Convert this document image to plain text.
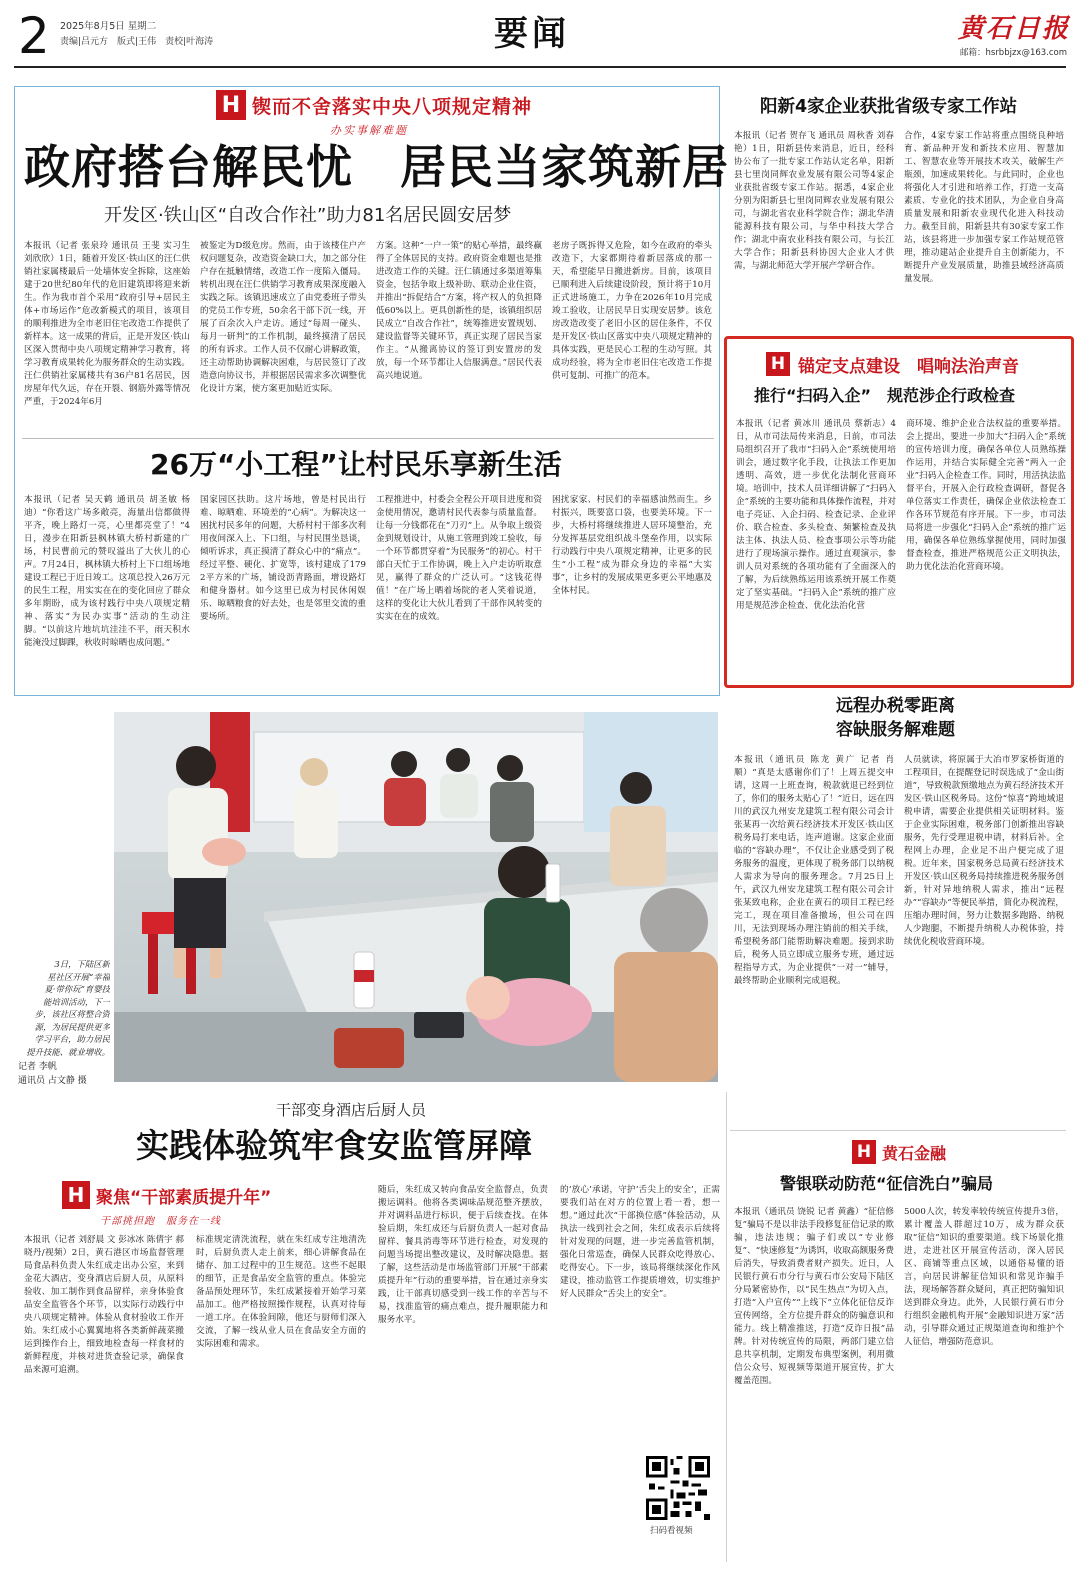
2 2025年8月5日 星期二
责编|吕元方　版式|王伟　责校|叶海涛	要闻	黄石日报
邮箱：hsrbbjzx@163.com
H 锲而不舍落实中央八项规定精神
办实事解难题
政府搭台解民忧　居民当家筑新居
开发区·铁山区“自改合作社”助力81名居民圆安居梦
本报讯（记者 张泉玲 通讯员 王斐 实习生 刘欣欣）1日，随着开发区·铁山区的汪仁供销社家属楼最后一处墙体安全拆除，这座始建于20世纪80年代的危旧建筑即将迎来新生。作为我市首个采用“政府引导+居民主体+市场运作”危改新模式的项目，该项目的顺利推进为全市老旧住宅改造工作提供了新样本。这一成果的背后，正是开发区·铁山区深入贯彻中央八项规定精神学习教育，将学习教育成果转化为服务群众的生动实践。汪仁供销社家属楼共有36户81名居民，因房屋年代久远，存在开裂、钢筋外露等情况严重，于2024年6月
被鉴定为D级危房。然而，由于该楼住户产权问题复杂，改造资金缺口大，加之部分住户存在抵触情绪，改造工作一度陷入僵局。转机出现在汪仁供销学习教育成果深度融入实践之际。该镇迅速成立了由党委班子带头的党员工作专班，50余名干部下沉一线，开展了百余次入户走访。通过“每周一碰头、每月一研判”的工作机制，最终摸清了居民的所有诉求。工作人员不仅耐心讲解政策，还主动帮助协调解决困难，与居民签订了改造意向协议书，并根据居民需求多次调整优化设计方案，使方案更加贴近实际。
方案。这种“一户一策”的贴心举措，最终赢得了全体居民的支持。政府资金难题也是推进改造工作的关键。汪仁镇通过多渠道筹集资金，包括争取上级补助、联动企业住资，并推出“拆促结合”方案，将产权人的负担降低60%以上。更具创新性的是，该镇组织居民成立“自改合作社”，统筹推进安置规划、建设监督等关键环节，真正实现了居民当家作主。“从搬离协议的签订到安置房的发放，每一个环节都让人信服满意。”居民代表高兴地说道。
老房子既拆得又危险，如今在政府的牵头改造下，大家都期待着新居落成的那一天，希望能早日搬进新房。目前，该项目已顺利进入后续建设阶段，预计将于10月正式进场施工，力争在2026年10月完成竣工验收，让居民早日实现安居梦。该危房改造改变了老旧小区的居住条件，不仅是开发区·铁山区落实中央八项规定精神的具体实践，更是民心工程的生动写照。其成功经验，将为全市老旧住宅改造工作提供可复制、可推广的范本。
26万“小工程”让村民乐享新生活
本报讯（记者 吴天鹤 通讯员 胡圣敏 杨迪）“你看这广场多敞亮，海量出信都做得平齐，晚上路灯一亮，心里都亮堂了！”4日，漫步在阳新县枫林镇大桥村新建的广场，村民曹前元的赞叹溢出了大伙儿的心声。7月24日，枫林镇大桥村上下口组场地建设工程已于近日竣工。这项总投入26万元的民生工程，用实实在在的变化回应了群众多年期盼，成为该村践行中央八项规定精神、落实“为民办实事”活动的生动注脚。“以前这片地坑坑洼洼不平，雨天积水能淹没过脚踝，秋收时晾晒也成问题。”
国家园区扶助。这片场地，曾是村民出行难、晾晒难、环境差的“心病”。为解决这一困扰村民多年的问题，大桥村村干部多次利用夜间深入上、下口组，与村民围坐恳谈，倾听诉求，真正摸清了群众心中的“痛点”。经过平整、硬化、扩宽等，该村建成了1792平方米的广场，铺设沥青路面，增设路灯和健身器材。如今这里已成为村民休闲娱乐、晾晒粮食的好去处，也是邻里交流的重要场所。
工程推进中，村委会全程公开项目进度和资金使用情况，邀请村民代表参与质量监督。让每一分钱都花在“刀刃”上。从争取上级资金到规划设计，从施工管理到竣工验收，每一个环节都贯穿着“为民服务”的初心。村干部白天忙于工作协调，晚上入户走访听取意见，赢得了群众的广泛认可。“这钱花得值！”在广场上晒着场院的老人笑着说道，这样的变化让大伙儿看到了干部作风转变的实实在在的成效。
困扰家家、村民们的幸福感油然而生。乡村振兴，既要富口袋，也要美环境。下一步，大桥村将继续推进人居环境整治，充分发挥基层党组织战斗堡垒作用，以实际行动践行中央八项规定精神，让更多的民生“小工程”成为群众身边的幸福“大实事”，让乡村的发展成果更多更公平地惠及全体村民。
阳新4家企业获批省级专家工作站
本报讯（记者 贺存飞 通讯员 周秋香 刘春艳）1日，阳新县传来消息，近日，经科协公布了一批专家工作站认定名单，阳新县七里岗同辉农业发展有限公司等4家企业获批省级专家工作站。据悉，4家企业分别为阳新县七里岗同辉农业发展有限公司，与湖北省农业科学院合作；湖北华清能源科技有限公司，与华中科技大学合作；湖北中南农业科技有限公司，与长江大学合作；阳新县科协因大企业人才供需，与湖北师范大学开展产学研合作。
合作，4家专家工作站将重点围绕良种培育、新品种开发和新技术应用、智慧加工、智慧农业等开展技术攻关，破解生产瓶颈，加速成果转化。与此同时，企业也将强化人才引进和培养工作，打造一支高素质、专业化的技术团队，为企业自身高质量发展和阳新农业现代化进入科技动力。截至目前，阳新县共有30家专家工作站，该县将进一步加强专家工作站规范管理，推动建站企业提升自主创新能力，不断提升产业发展质量，助推县域经济高质量发展。
H 锚定支点建设　唱响法治声音
推行“扫码入企”　规范涉企行政检查
本报讯（记者 黄冰川 通讯员 蔡新志）4日，从市司法局传来消息，日前，市司法局组织召开了我市“扫码入企”系统使用培训会，通过数字化手段，让执法工作更加透明、高效，进一步优化法制化营商环境。培训中，技术人员详细讲解了“扫码入企”系统的主要功能和具体操作流程，并对电子亮证、入企扫码、检查记录、企业评价、联合检查、多头检查、频繁检查及执法主体、执法人员、检查事项公示等功能进行了现场演示操作。通过直观演示，参训人员对系统的各项功能有了全面深入的了解，为后续熟练运用该系统开展工作奠定了坚实基础。“扫码入企”系统的推广应用是规范涉企检查、优化法治化营
商环境、维护企业合法权益的重要举措。会上提出，要进一步加大“扫码入企”系统的宣传培训力度，确保各单位人员熟练操作运用，并结合实际健全完善“两入一企业”扫码入企检查工作。同时，用活执法监督平台，开展入企行政检查调研，督促各单位落实工作责任，确保企业依法检查工作各环节规范有序开展。下一步，市司法局将进一步强化“扫码入企”系统的推广运用，确保各单位熟练掌握使用，同时加强督查检查，推进严格规范公正文明执法，助力优化法治化营商环境。
3日，下陆区新
星社区开展“幸福
夏·带你玩”育婴技
能培训活动，下一
步，该社区将整合资
源，为居民提供更多
学习平台，助力居民
提升技能、就业增收。
记者 李帆
通讯员 占文静 摄
远程办税零距离
容缺服务解难题
本报讯（通讯员 陈龙 黄广 记者 肖顺）“真是太感谢你们了！上周五提交申请，这周一上班查询，税款就退已经到位了，你们的服务太贴心了！”近日，远在四川的武汉九州安龙建筑工程有限公司会计张某再一次给黄石经济技术开发区·铁山区税务局打来电话，连声道谢。这家企业面临的“容缺办理”，不仅让企业感受到了税务服务的温度，更体现了税务部门以纳税人需求为导向的服务理念。7月25日上午，武汉九州安龙建筑工程有限公司会计张某致电称，企业在黄石的项目工程已经完工，现在项目准备撤场，但公司在四川，无法到现场办理注销前的相关手续，希望税务部门能帮助解决难题。接到求助后，税务人员立即成立服务专班，通过远程指导方式，为企业提供“一对一”辅导，最终帮助企业顺利完成退税。
人员就读，将原属于大冶市罗家桥街道的工程项目，在提醒登记时误选成了“金山街道”，导致税款预缴地点为黄石经济技术开发区·铁山区税务局。这份“惊喜”跨地域退税申请，需要企业提供相关证明材料。鉴于企业实际困难，税务部门创新推出容缺服务，先行受理退税申请，材料后补。全程网上办理，企业足不出户便完成了退税。近年来，国家税务总局黄石经济技术开发区·铁山区税务局持续推进税务服务创新，针对异地纳税人需求，推出“远程办”“容缺办”等便民举措，简化办税流程，压缩办理时间，努力让数据多跑路、纳税人少跑腿，不断提升纳税人办税体验，持续优化税收营商环境。
干部变身酒店后厨人员
实践体验筑牢食安监管屏障
H 聚焦“干部素质提升年”
干部挑担跑　服务在一线
本报讯（记者 刘舒晨 文 彭冰冰 陈倩宇 郝晓丹/视频）2日，黄石港区市场监督管理局食品科负责人朱红成走出办公室，来到金花大酒店，变身酒店后厨人员，从原料验收、加工制作到食品留样，亲身体验食品安全监管各个环节，以实际行动践行中央八项规定精神。体验从食材验收工作开始。朱红成小心翼翼地将各类新鲜蔬菜搬运到操作台上，细致地检查每一样食材的新鲜程度，并核对进货查验记录，确保食品来源可追溯。
标准规定清洗流程，就在朱红成专注地清洗时，后厨负责人走上前来，细心讲解食品在储存、加工过程中的卫生规范。这些不起眼的细节，正是食品安全监管的重点。体验完备品预处理环节，朱红成紧接着开始学习菜品加工。他严格按照操作规程，认真对待每一道工序。在体验间隙，他还与厨师们深入交流，了解一线从业人员在食品安全方面的实际困难和需求。
随后，朱红成又转向食品安全监督点，负责搬运调料。他将各类调味品规范整齐摆放，并对调料品进行标识，便于后续查找。在体验后期，朱红成还与后厨负责人一起对食品留样、餐具消毒等环节进行检查，对发现的问题当场提出整改建议，及时解决隐患。据了解，这些活动是市场监管部门开展“干部素质提升年”行动的重要举措，旨在通过亲身实践，让干部真切感受到一线工作的辛苦与不易，找准监管的痛点难点，提升履职能力和服务水平。
的‘放心’承诺，守护‘舌尖上的安全’，正需要我们站在对方的位置上看一看，想一想。”通过此次“干部换位感”体验活动，从执法一线到社会之间，朱红成表示后续将针对发现的问题，进一步完善监管机制，强化日常巡查，确保人民群众吃得放心、吃得安心。下一步，该局将继续深化作风建设，推动监管工作提质增效，切实维护好人民群众“舌尖上的安全”。
扫码看视频
H 黄石金融
警银联动防范“征信洗白”骗局
本报讯（通讯员 饶锐 记者 黄鑫）“征信修复”骗局不是以非法手段修复征信记录的欺骗，违法违规；骗子们或以“专业修复”、“快速修复”为诱饵，收取高额服务费后消失，导致消费者财产损失。近日，人民银行黄石市分行与黄石市公安局下陆区分局紧密协作，以“民生热点”为切入点，打造“入户宣传”“上线下”立体化征信反诈宣传网络，全方位提升群众的防骗意识和能力。线上精准推送，打造“反诈日报”品牌。针对传统宣传的局限，两部门建立信息共享机制，定期发布典型案例，利用微信公众号、短视频等渠道开展宣传，扩大覆盖范围。
5000人次，转发率较传统宣传提升3倍，累计覆盖人群超过10万，成为群众获取“征信”知识的重要渠道。线下场景化推进，走进社区开展宣传活动，深入居民区、商铺等重点区域，以通俗易懂的语言，向居民讲解征信知识和常见诈骗手法，现场解答群众疑问，真正把防骗知识送到群众身边。此外，人民银行黄石市分行组织金融机构开展“金融知识进万家”活动，引导群众通过正规渠道查询和维护个人征信，增强防范意识。
